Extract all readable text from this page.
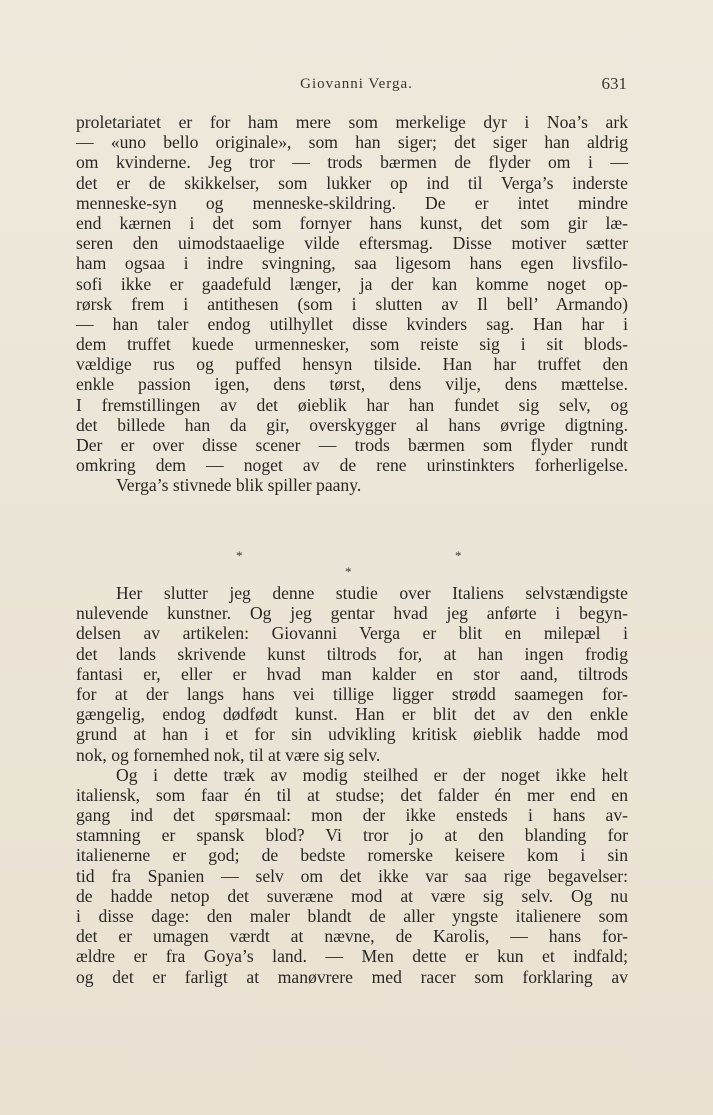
Giovanni Verga.	631
proletariatet er for ham mere som merkelige dyr i Noa’s ark
— «uno bello originale», som han siger; det siger han aldrig
om kvinderne. Jeg tror — trods bærmen de flyder om i —
det er de skikkelser, som lukker op ind til Verga’s inderste
menneske-syn og menneske-skildring. De er intet mindre
end kærnen i det som fornyer hans kunst, det som gir læ-
seren den uimodstaaelige vilde eftersmag. Disse motiver sætter
ham ogsaa i indre svingning, saa ligesom hans egen livsfilo-
sofi ikke er gaadefuld længer, ja der kan komme noget op-
rørsk frem i antithesen (som i slutten av Il bell’ Armando)
— han taler endog utilhyllet disse kvinders sag. Han har i
dem truffet kuede urmennesker, som reiste sig i sit blods-
vældige rus og puffed hensyn tilside. Han har truffet den
enkle passion igen, dens tørst, dens vilje, dens mættelse.
I fremstillingen av det øieblik har han fundet sig selv, og
det billede han da gir, overskygger al hans øvrige digtning.
Der er over disse scener — trods bærmen som flyder rundt
omkring dem — noget av de rene urinstinkters forherligelse.
Verga’s stivnede blik spiller paany.
*	*
*
Her slutter jeg denne studie over Italiens selvstændigste
nulevende kunstner. Og jeg gentar hvad jeg anførte i begyn-
delsen av artikelen: Giovanni Verga er blit en milepæl i
det lands skrivende kunst tiltrods for, at han ingen frodig
fantasi er, eller er hvad man kalder en stor aand, tiltrods
for at der langs hans vei tillige ligger strødd saamegen for-
gængelig, endog dødfødt kunst. Han er blit det av den enkle
grund at han i et for sin udvikling kritisk øieblik hadde mod
nok, og fornemhed nok, til at være sig selv.
Og i dette træk av modig steilhed er der noget ikke helt
italiensk, som faar én til at studse; det falder én mer end en
gang ind det spørsmaal: mon der ikke ensteds i hans av-
stamning er spansk blod? Vi tror jo at den blanding for
italienerne er god; de bedste romerske keisere kom i sin
tid fra Spanien — selv om det ikke var saa rige begavelser:
de hadde netop det suveræne mod at være sig selv. Og nu
i disse dage: den maler blandt de aller yngste italienere som
det er umagen værdt at nævne, de Karolis, — hans for-
ældre er fra Goya’s land. — Men dette er kun et indfald;
og det er farligt at manøvrere med racer som forklaring av
